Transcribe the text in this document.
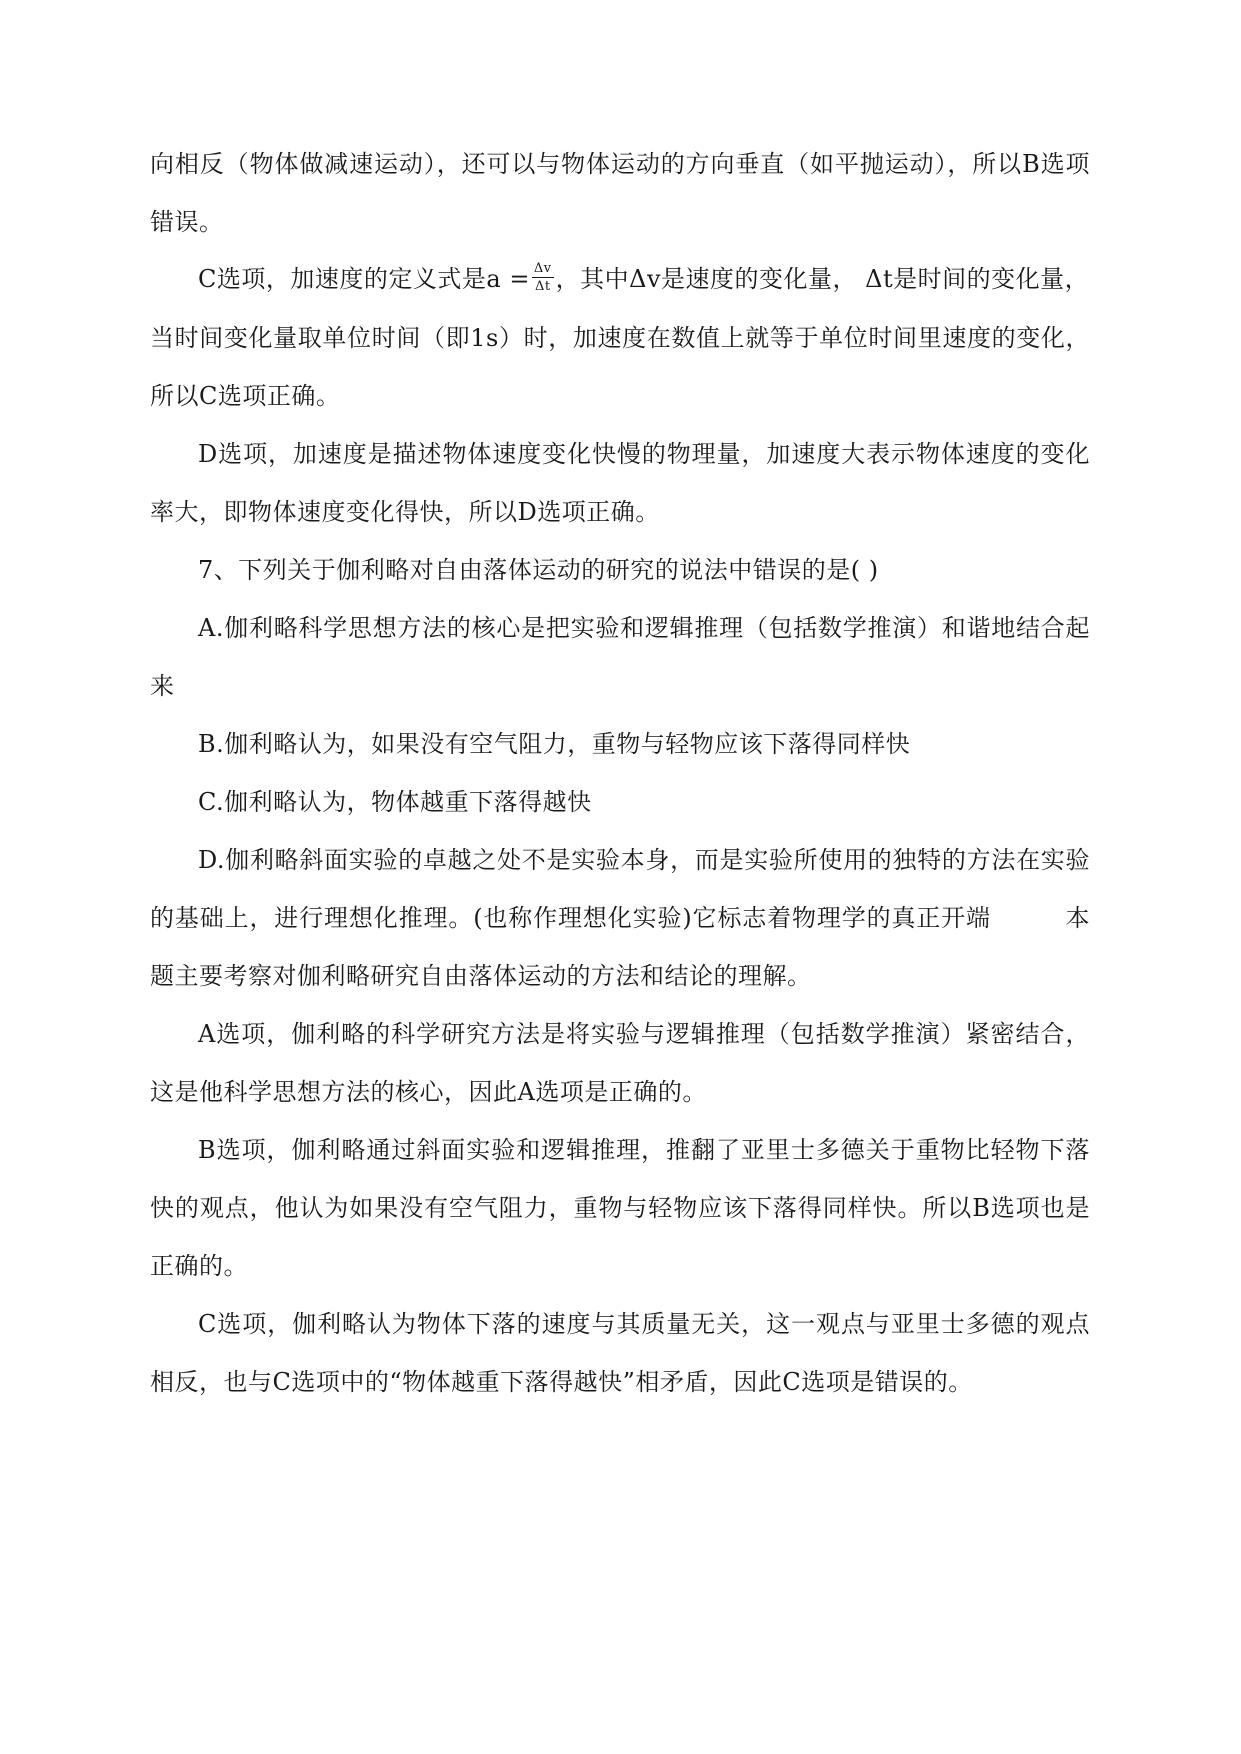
向相反（物体做减速运动），还可以与物体运动的方向垂直（如平抛运动），所以B选项
错误。
C选项，加速度的定义式是$a = \frac{\Delta v}{\Delta t}$ ，其中Δv是速度的变化量， Δt是时间的变化量，
当时间变化量取单位时间（即1s）时，加速度在数值上就等于单位时间里速度的变化，
所以C选项正确。
D选项，加速度是描述物体速度变化快慢的物理量，加速度大表示物体速度的变化
率大，即物体速度变化得快，所以D选项正确。
7、下列关于伽利略对自由落体运动的研究的说法中错误的是( )
A.伽利略科学思想方法的核心是把实验和逻辑推理（包括数学推演）和谐地结合起
来
B.伽利略认为，如果没有空气阻力，重物与轻物应该下落得同样快
C.伽利略认为，物体越重下落得越快
D.伽利略斜面实验的卓越之处不是实验本身，而是实验所使用的独特的方法在实验
的基础上，进行理想化推理。(也称作理想化实验)它标志着物理学的真正开端　　　本
题主要考察对伽利略研究自由落体运动的方法和结论的理解。
A选项，伽利略的科学研究方法是将实验与逻辑推理（包括数学推演）紧密结合，
这是他科学思想方法的核心，因此A选项是正确的。
B选项，伽利略通过斜面实验和逻辑推理，推翻了亚里士多德关于重物比轻物下落
快的观点，他认为如果没有空气阻力，重物与轻物应该下落得同样快。所以B选项也是
正确的。
C选项，伽利略认为物体下落的速度与其质量无关，这一观点与亚里士多德的观点
相反，也与C选项中的“物体越重下落得越快”相矛盾，因此C选项是错误的。
